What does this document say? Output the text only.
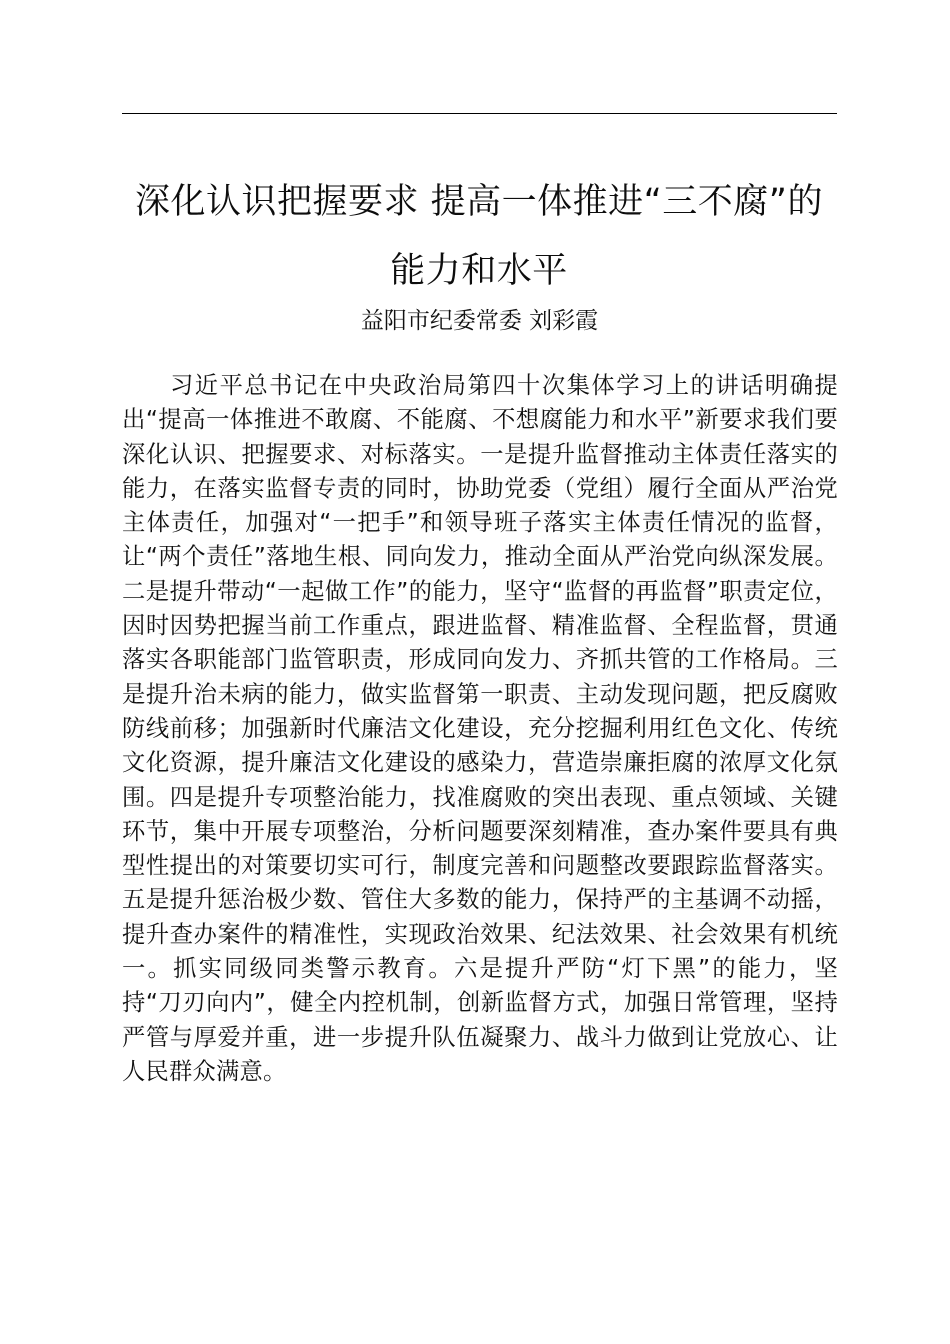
深化认识把握要求 提高一体推进“三不腐”的能力和水平
益阳市纪委常委 刘彩霞

习近平总书记在中央政治局第四十次集体学习上的讲话明确提出“提高一体推进不敢腐、不能腐、不想腐能力和水平”新要求我们要深化认识、把握要求、对标落实。一是提升监督推动主体责任落实的能力，在落实监督专责的同时，协助党委（党组）履行全面从严治党主体责任，加强对“一把手”和领导班子落实主体责任情况的监督，让“两个责任”落地生根、同向发力，推动全面从严治党向纵深发展。二是提升带动“一起做工作”的能力，坚守“监督的再监督”职责定位，因时因势把握当前工作重点，跟进监督、精准监督、全程监督，贯通落实各职能部门监管职责，形成同向发力、齐抓共管的工作格局。三是提升治未病的能力，做实监督第一职责、主动发现问题，把反腐败防线前移；加强新时代廉洁文化建设，充分挖掘利用红色文化、传统文化资源，提升廉洁文化建设的感染力，营造崇廉拒腐的浓厚文化氛围。四是提升专项整治能力，找准腐败的突出表现、重点领域、关键环节，集中开展专项整治，分析问题要深刻精准，查办案件要具有典型性提出的对策要切实可行，制度完善和问题整改要跟踪监督落实。五是提升惩治极少数、管住大多数的能力，保持严的主基调不动摇，提升查办案件的精准性，实现政治效果、纪法效果、社会效果有机统一。抓实同级同类警示教育。六是提升严防“灯下黑”的能力，坚持“刀刃向内”，健全内控机制，创新监督方式，加强日常管理，坚持严管与厚爱并重，进一步提升队伍凝聚力、战斗力做到让党放心、让人民群众满意。
